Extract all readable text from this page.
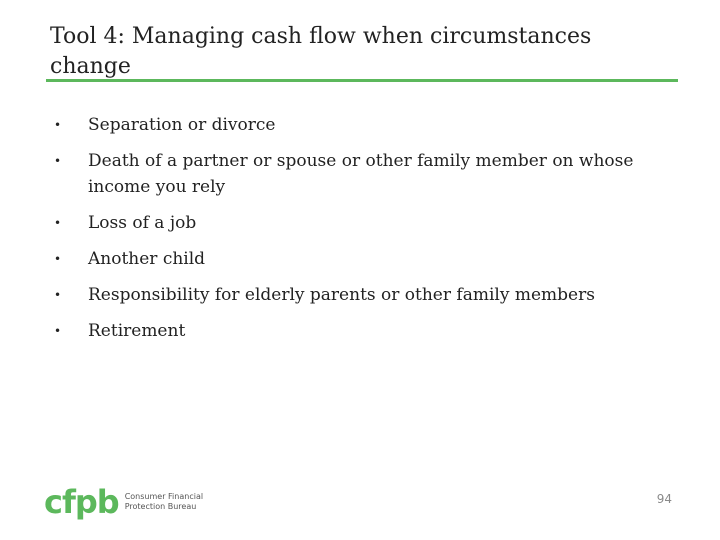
Tool 4: Managing cash flow when circumstances change
• Separation or divorce
• Death of a partner or spouse or other family member on whose income you rely
• Loss of a job
• Another child
• Responsibility for elderly parents or other family members
• Retirement
cfpb Consumer Financial
Protection Bureau
94
